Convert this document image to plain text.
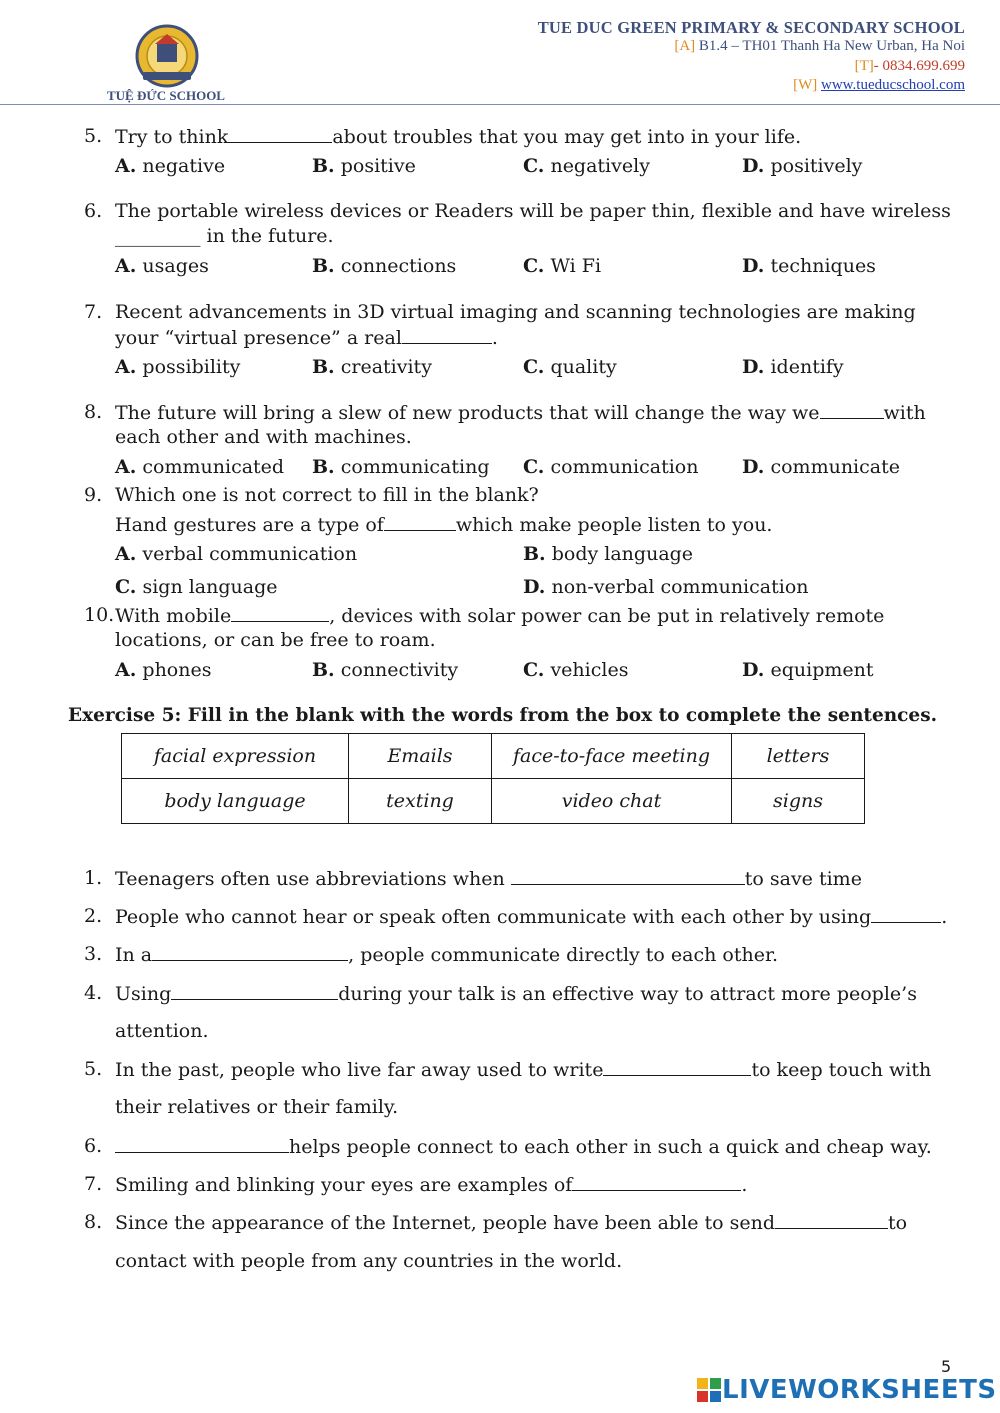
TUỆ ĐỨC SCHOOL
TUE DUC GREEN PRIMARY & SECONDARY SCHOOL
[A] B1.4 – TH01 Thanh Ha New Urban, Ha Noi
[T]- 0834.699.699
[W] www.tueducschool.com
5. Try to think	about troubles that you may get into in your life.
A. negative	B. positive	C. negatively	D. positively
6. The portable wireless devices or Readers will be paper thin, flexible and have wireless
_________ in the future.
A. usages	B. connections	C. Wi Fi	D. techniques
7. Recent advancements in 3D virtual imaging and scanning technologies are making
your “virtual presence” a real	.
A. possibility	B. creativity	C. quality	D. identify
8. The future will bring a slew of new products that will change the way we	with
each other and with machines.
A. communicated B. communicating C. communication D. communicate
9. Which one is not correct to fill in the blank?
Hand gestures are a type of	which make people listen to you.
A. verbal communication	B. body language
C. sign language	D. non-verbal communication
10. With mobile	, devices with solar power can be put in relatively remote
locations, or can be free to roam.
A. phones	B. connectivity	C. vehicles	D. equipment
Exercise 5: Fill in the blank with the words from the box to complete the sentences.
facial expression	Emails	face-to-face meeting	letters
body language	texting	video chat	signs
1. Teenagers often use abbreviations when	to save time
2. People who cannot hear or speak often communicate with each other by using	.
3. In a	, people communicate directly to each other.
4. Using	during your talk is an effective way to attract more people’s
attention.
5. In the past, people who live far away used to write	to keep touch with
their relatives or their family.
6.	helps people connect to each other in such a quick and cheap way.
7. Smiling and blinking your eyes are examples of	.
8. Since the appearance of the Internet, people have been able to send	to
contact with people from any countries in the world.
5
LIVEWORKSHEETS
